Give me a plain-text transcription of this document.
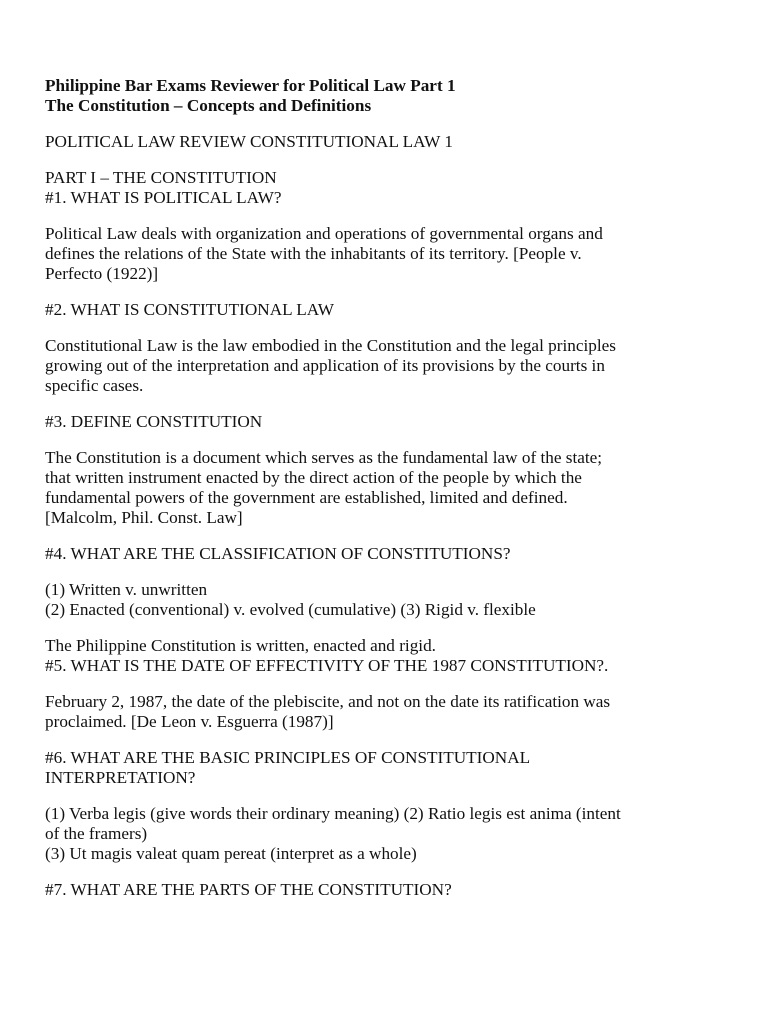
Philippine Bar Exams Reviewer for Political Law Part 1
The Constitution – Concepts and Definitions
POLITICAL LAW REVIEW CONSTITUTIONAL LAW 1
PART I – THE CONSTITUTION
#1. WHAT IS POLITICAL LAW?
Political Law deals with organization and operations of governmental organs and
defines the relations of the State with the inhabitants of its territory. [People v.
Perfecto (1922)]
#2. WHAT IS CONSTITUTIONAL LAW
Constitutional Law is the law embodied in the Constitution and the legal principles
growing out of the interpretation and application of its provisions by the courts in
specific cases.
#3. DEFINE CONSTITUTION
The Constitution is a document which serves as the fundamental law of the state;
that written instrument enacted by the direct action of the people by which the
fundamental powers of the government are established, limited and defined.
[Malcolm, Phil. Const. Law]
#4. WHAT ARE THE CLASSIFICATION OF CONSTITUTIONS?
(1) Written v. unwritten
(2) Enacted (conventional) v. evolved (cumulative) (3) Rigid v. flexible
The Philippine Constitution is written, enacted and rigid.
#5. WHAT IS THE DATE OF EFFECTIVITY OF THE 1987 CONSTITUTION?.
February 2, 1987, the date of the plebiscite, and not on the date its ratification was
proclaimed. [De Leon v. Esguerra (1987)]
#6. WHAT ARE THE BASIC PRINCIPLES OF CONSTITUTIONAL
INTERPRETATION?
(1) Verba legis (give words their ordinary meaning) (2) Ratio legis est anima (intent
of the framers)
(3) Ut magis valeat quam pereat (interpret as a whole)
#7. WHAT ARE THE PARTS OF THE CONSTITUTION?
